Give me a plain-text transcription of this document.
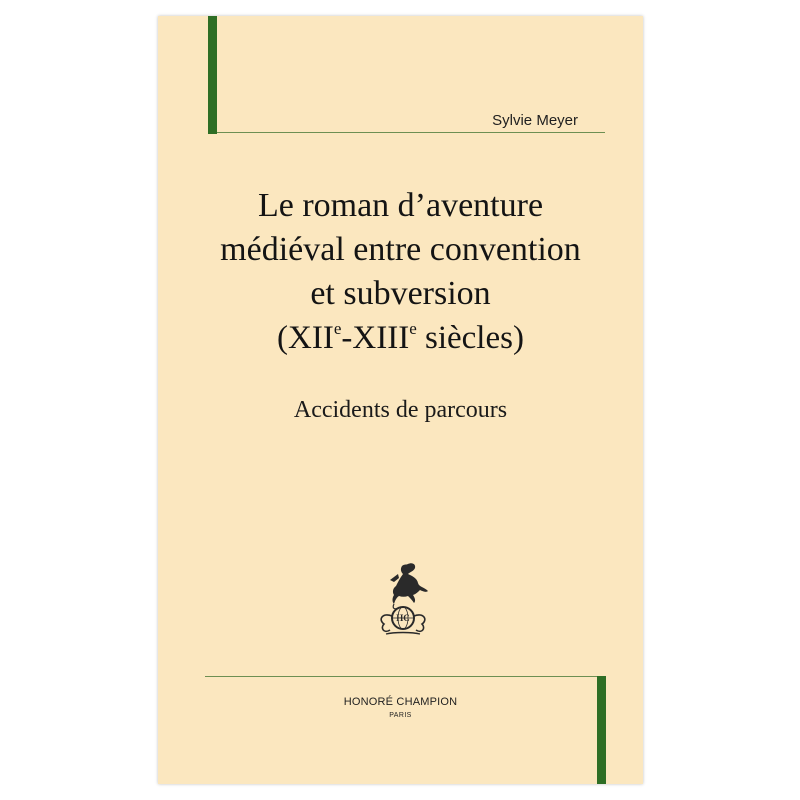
Sylvie Meyer

Le roman d’aventure
médiéval entre convention
et subversion
(XIIe-XIIIe siècles)
Accidents de parcours
HC
HONORÉ CHAMPION
PARIS
